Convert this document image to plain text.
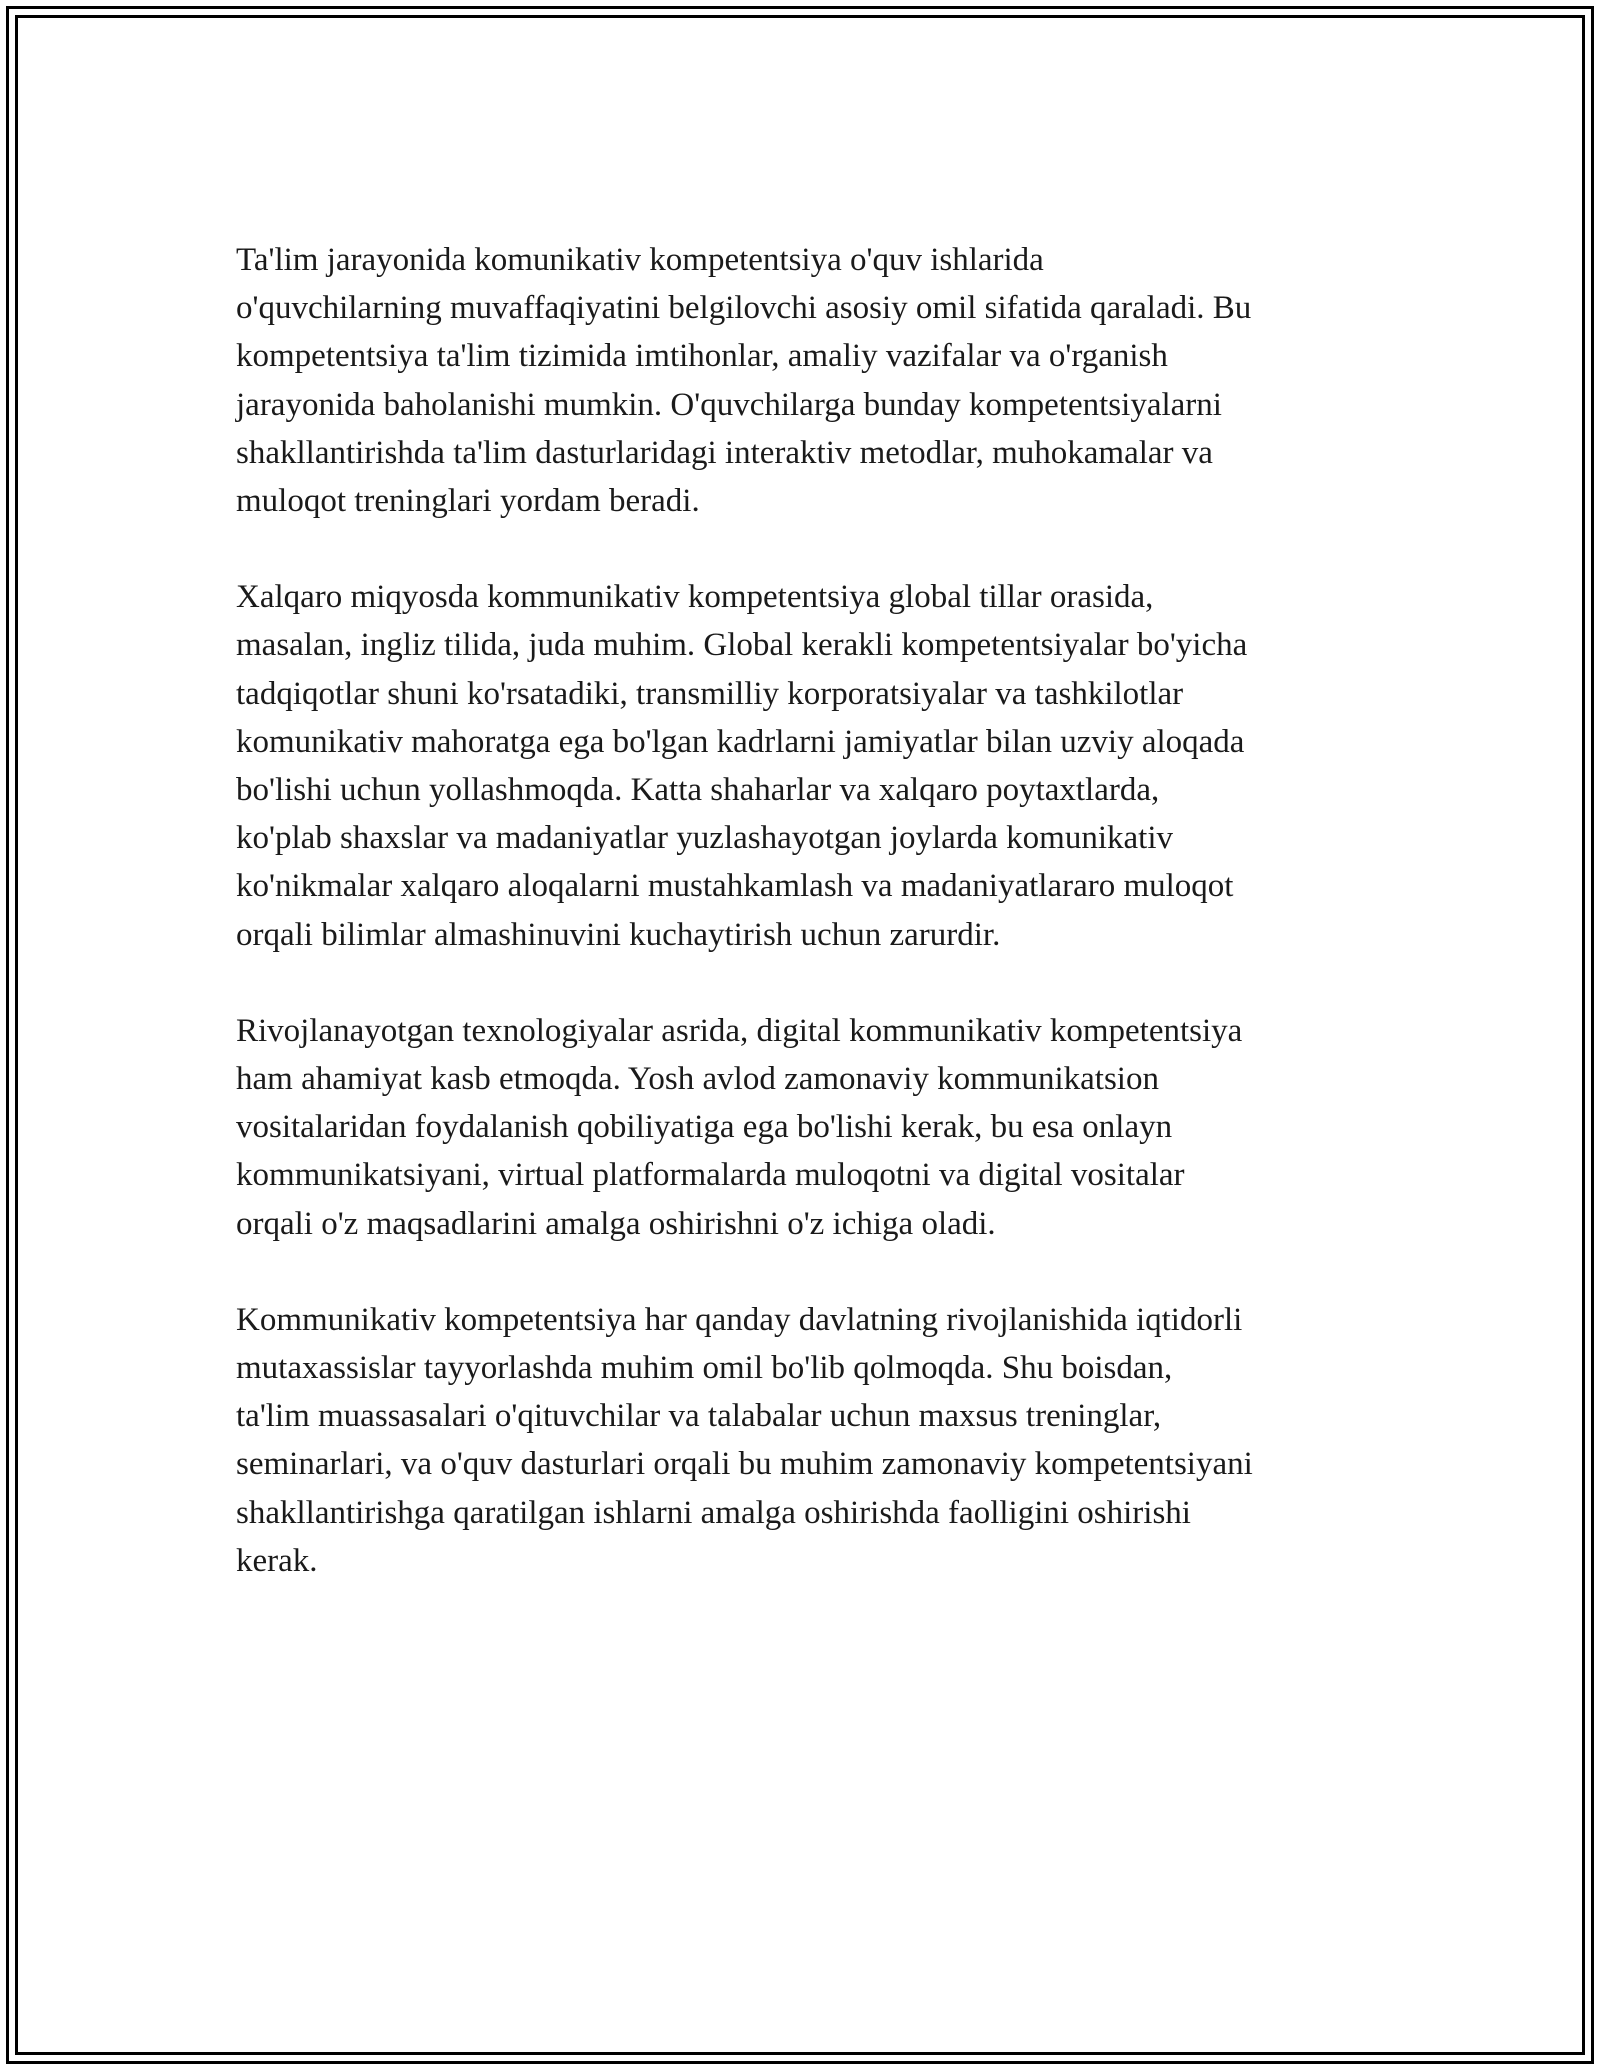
Ta'lim jarayonida komunikativ kompetentsiya o'quv ishlarida
o'quvchilarning muvaffaqiyatini belgilovchi asosiy omil sifatida qaraladi. Bu
kompetentsiya ta'lim tizimida imtihonlar, amaliy vazifalar va o'rganish
jarayonida baholanishi mumkin. O'quvchilarga bunday kompetentsiyalarni
shakllantirishda ta'lim dasturlaridagi interaktiv metodlar, muhokamalar va
muloqot treninglari yordam beradi.

Xalqaro miqyosda kommunikativ kompetentsiya global tillar orasida,
masalan, ingliz tilida, juda muhim. Global kerakli kompetentsiyalar bo'yicha
tadqiqotlar shuni ko'rsatadiki, transmilliy korporatsiyalar va tashkilotlar
komunikativ mahoratga ega bo'lgan kadrlarni jamiyatlar bilan uzviy aloqada
bo'lishi uchun yollashmoqda. Katta shaharlar va xalqaro poytaxtlarda,
ko'plab shaxslar va madaniyatlar yuzlashayotgan joylarda komunikativ
ko'nikmalar xalqaro aloqalarni mustahkamlash va madaniyatlararo muloqot
orqali bilimlar almashinuvini kuchaytirish uchun zarurdir.

Rivojlanayotgan texnologiyalar asrida, digital kommunikativ kompetentsiya
ham ahamiyat kasb etmoqda. Yosh avlod zamonaviy kommunikatsion
vositalaridan foydalanish qobiliyatiga ega bo'lishi kerak, bu esa onlayn
kommunikatsiyani, virtual platformalarda muloqotni va digital vositalar
orqali o'z maqsadlarini amalga oshirishni o'z ichiga oladi.

Kommunikativ kompetentsiya har qanday davlatning rivojlanishida iqtidorli
mutaxassislar tayyorlashda muhim omil bo'lib qolmoqda. Shu boisdan,
ta'lim muassasalari o'qituvchilar va talabalar uchun maxsus treninglar,
seminarlari, va o'quv dasturlari orqali bu muhim zamonaviy kompetentsiyani
shakllantirishga qaratilgan ishlarni amalga oshirishda faolligini oshirishi
kerak.
